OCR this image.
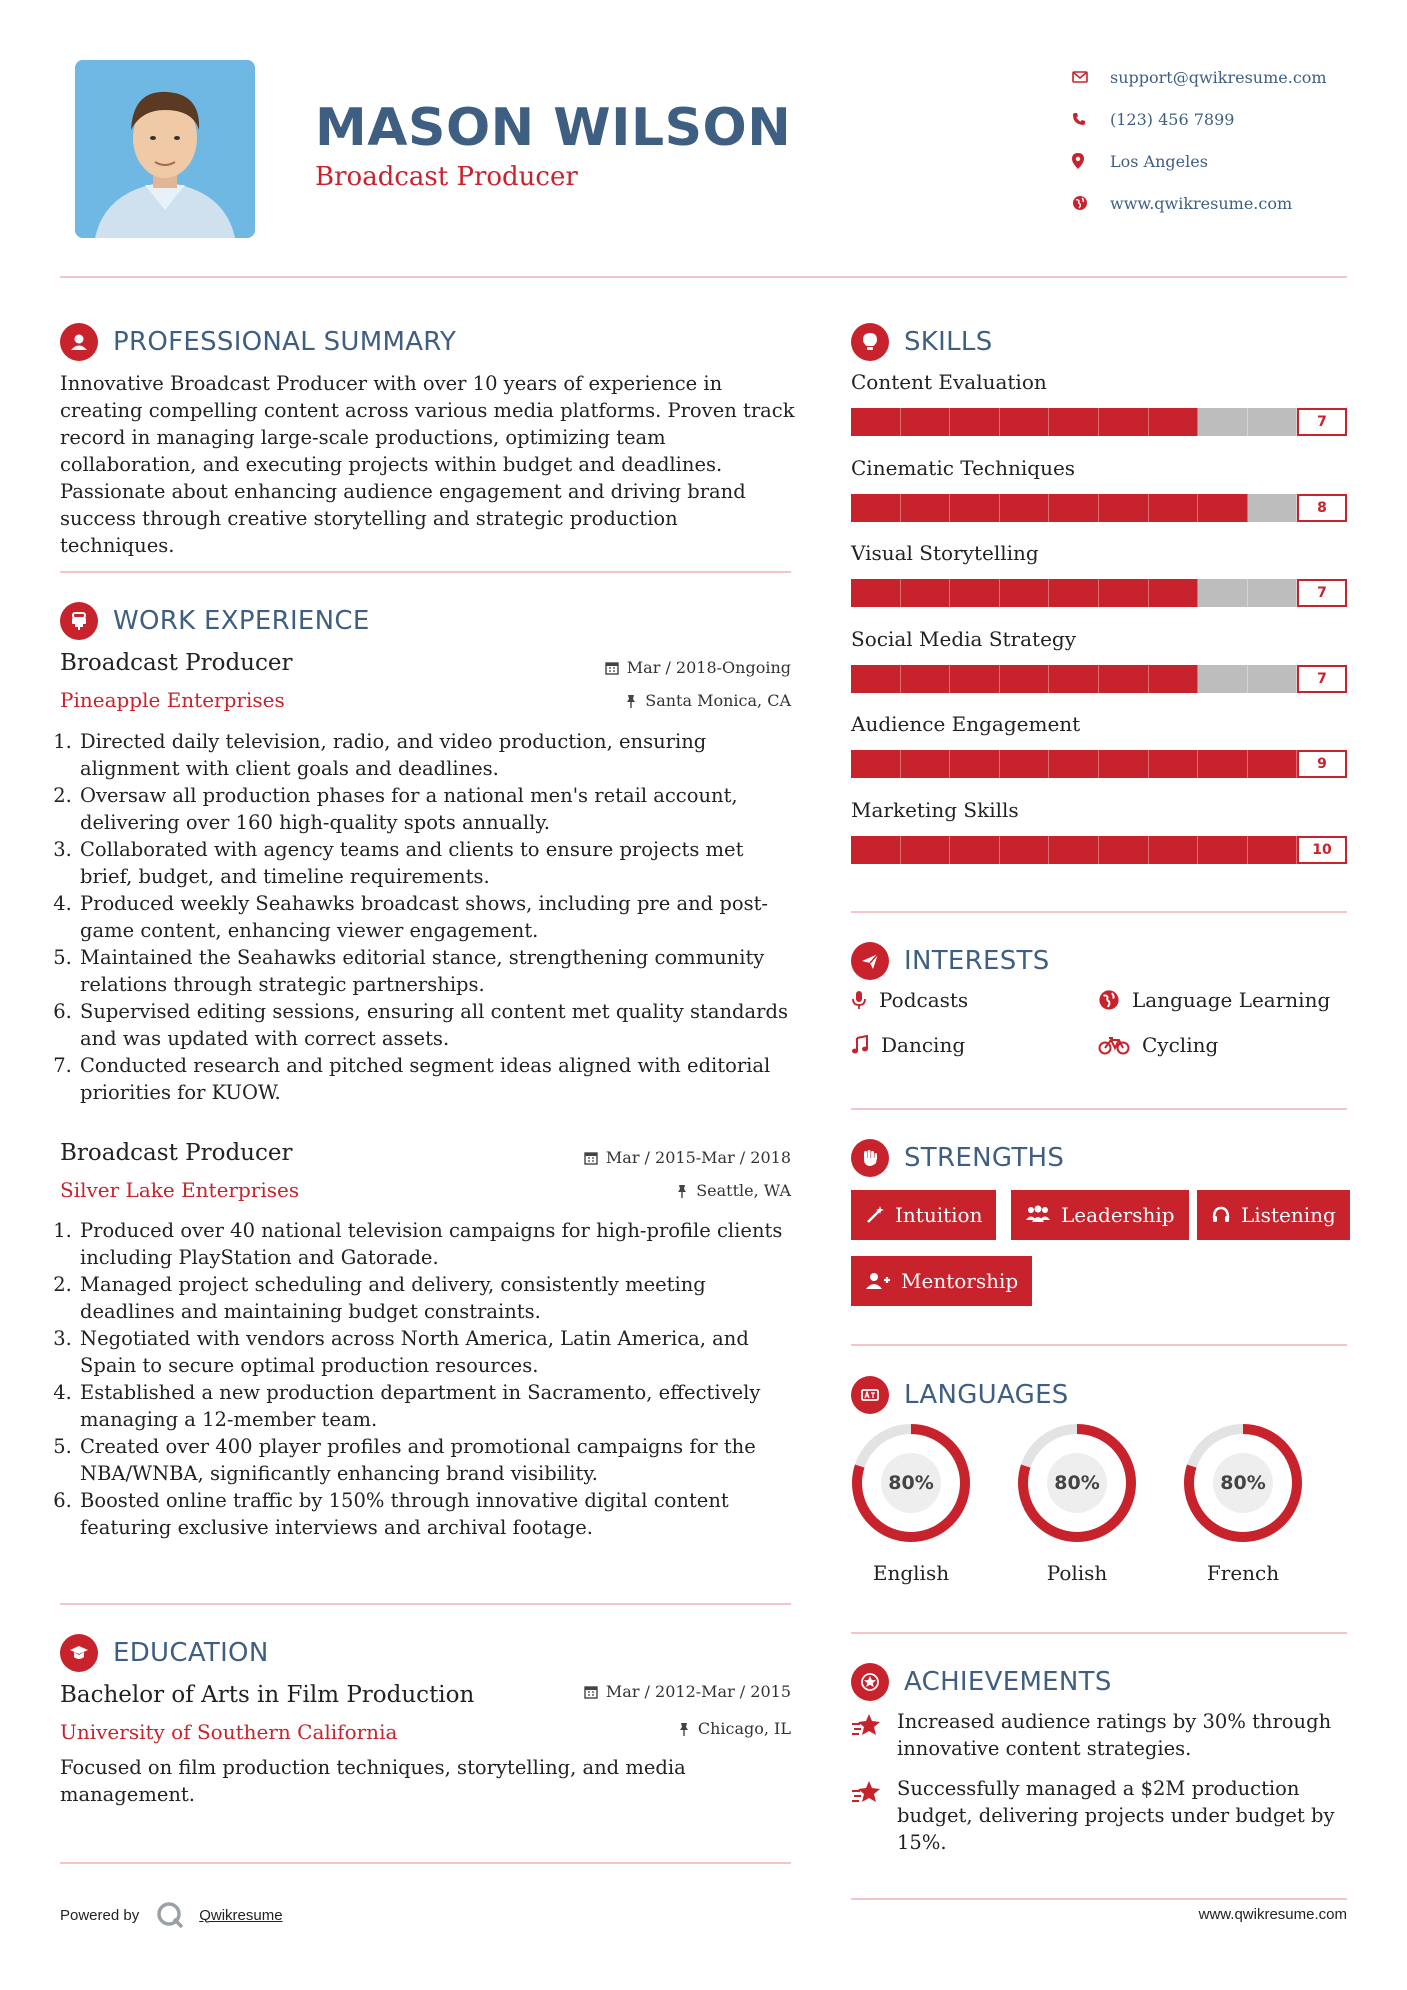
MASON WILSON
Broadcast Producer
support@qwikresume.com
(123) 456 7899
Los Angeles
www.qwikresume.com
PROFESSIONAL SUMMARY
Innovative Broadcast Producer with over 10 years of experience in creating compelling content across various media platforms. Proven track record in managing large-scale productions, optimizing team collaboration, and executing projects within budget and deadlines. Passionate about enhancing audience engagement and driving brand success through creative storytelling and strategic production techniques.
WORK EXPERIENCE
Broadcast Producer
Pineapple Enterprises
Mar / 2018-Ongoing
Santa Monica, CA
1. Directed daily television, radio, and video production, ensuring alignment with client goals and deadlines.
2. Oversaw all production phases for a national men's retail account, delivering over 160 high-quality spots annually.
3. Collaborated with agency teams and clients to ensure projects met brief, budget, and timeline requirements.
4. Produced weekly Seahawks broadcast shows, including pre and post-game content, enhancing viewer engagement.
5. Maintained the Seahawks editorial stance, strengthening community relations through strategic partnerships.
6. Supervised editing sessions, ensuring all content met quality standards and was updated with correct assets.
7. Conducted research and pitched segment ideas aligned with editorial priorities for KUOW.
Broadcast Producer
Silver Lake Enterprises
Mar / 2015-Mar / 2018
Seattle, WA
1. Produced over 40 national television campaigns for high-profile clients including PlayStation and Gatorade.
2. Managed project scheduling and delivery, consistently meeting deadlines and maintaining budget constraints.
3. Negotiated with vendors across North America, Latin America, and Spain to secure optimal production resources.
4. Established a new production department in Sacramento, effectively managing a 12-member team.
5. Created over 400 player profiles and promotional campaigns for the NBA/WNBA, significantly enhancing brand visibility.
6. Boosted online traffic by 150% through innovative digital content featuring exclusive interviews and archival footage.
EDUCATION
Bachelor of Arts in Film Production
University of Southern California
Mar / 2012-Mar / 2015
Chicago, IL
Focused on film production techniques, storytelling, and media management.
SKILLS
Content Evaluation
7
Cinematic Techniques
8
Visual Storytelling
7
Social Media Strategy
7
Audience Engagement
9
Marketing Skills
10
INTERESTS
Podcasts	Language Learning
Dancing	Cycling
STRENGTHS
Intuition	Leadership	Listening
Mentorship
LANGUAGES
80%
English
80%
Polish
80%
French
ACHIEVEMENTS
Increased audience ratings by 30% through innovative content strategies.
Successfully managed a $2M production budget, delivering projects under budget by 15%.
Powered by	Qwikresume	www.qwikresume.com
